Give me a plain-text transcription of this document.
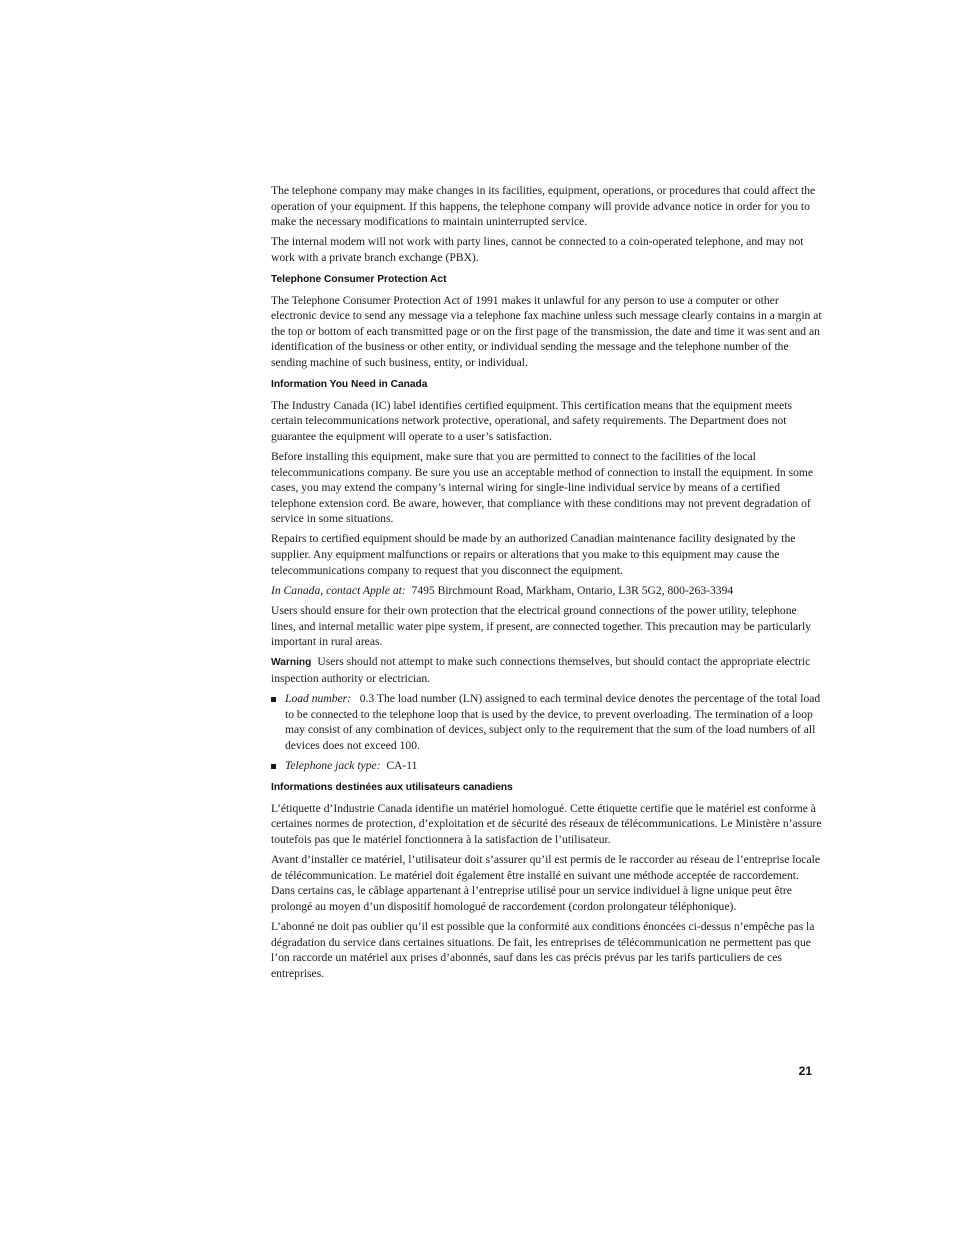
The telephone company may make changes in its facilities, equipment, operations, or procedures that could affect the operation of your equipment. If this happens, the telephone company will provide advance notice in order for you to make the necessary modifications to maintain uninterrupted service.

The internal modem will not work with party lines, cannot be connected to a coin-operated telephone, and may not work with a private branch exchange (PBX).

Telephone Consumer Protection Act

The Telephone Consumer Protection Act of 1991 makes it unlawful for any person to use a computer or other electronic device to send any message via a telephone fax machine unless such message clearly contains in a margin at the top or bottom of each transmitted page or on the first page of the transmission, the date and time it was sent and an identification of the business or other entity, or individual sending the message and the telephone number of the sending machine of such business, entity, or individual.

Information You Need in Canada

The Industry Canada (IC) label identifies certified equipment. This certification means that the equipment meets certain telecommunications network protective, operational, and safety requirements. The Department does not guarantee the equipment will operate to a user’s satisfaction.

Before installing this equipment, make sure that you are permitted to connect to the facilities of the local telecommunications company. Be sure you use an acceptable method of connection to install the equipment. In some cases, you may extend the company’s internal wiring for single-line individual service by means of a certified telephone extension cord. Be aware, however, that compliance with these conditions may not prevent degradation of service in some situations.

Repairs to certified equipment should be made by an authorized Canadian maintenance facility designated by the supplier. Any equipment malfunctions or repairs or alterations that you make to this equipment may cause the telecommunications company to request that you disconnect the equipment.

In Canada, contact Apple at: 7495 Birchmount Road, Markham, Ontario, L3R 5G2, 800-263-3394

Users should ensure for their own protection that the electrical ground connections of the power utility, telephone lines, and internal metallic water pipe system, if present, are connected together. This precaution may be particularly important in rural areas.

Warning Users should not attempt to make such connections themselves, but should contact the appropriate electric inspection authority or electrician.

Load number: 0.3 The load number (LN) assigned to each terminal device denotes the percentage of the total load to be connected to the telephone loop that is used by the device, to prevent overloading. The termination of a loop may consist of any combination of devices, subject only to the requirement that the sum of the load numbers of all devices does not exceed 100.
Telephone jack type: CA-11
Informations destinées aux utilisateurs canadiens

L’étiquette d’Industrie Canada identifie un matériel homologué. Cette étiquette certifie que le matériel est conforme à certaines normes de protection, d’exploitation et de sécurité des réseaux de télécommunications. Le Ministère n’assure toutefois pas que le matériel fonctionnera à la satisfaction de l’utilisateur.

Avant d’installer ce matériel, l’utilisateur doit s’assurer qu’il est permis de le raccorder au réseau de l’entreprise locale de télécommunication. Le matériel doit également être installé en suivant une méthode acceptée de raccordement. Dans certains cas, le câblage appartenant à l’entreprise utilisé pour un service individuel à ligne unique peut être prolongé au moyen d’un dispositif homologué de raccordement (cordon prolongateur téléphonique).

L’abonné ne doit pas oublier qu’il est possible que la conformité aux conditions énoncées ci-dessus n’empêche pas la dégradation du service dans certaines situations. De fait, les entreprises de télécommunication ne permettent pas que l’on raccorde un matériel aux prises d’abonnés, sauf dans les cas précis prévus par les tarifs particuliers de ces entreprises.

21
